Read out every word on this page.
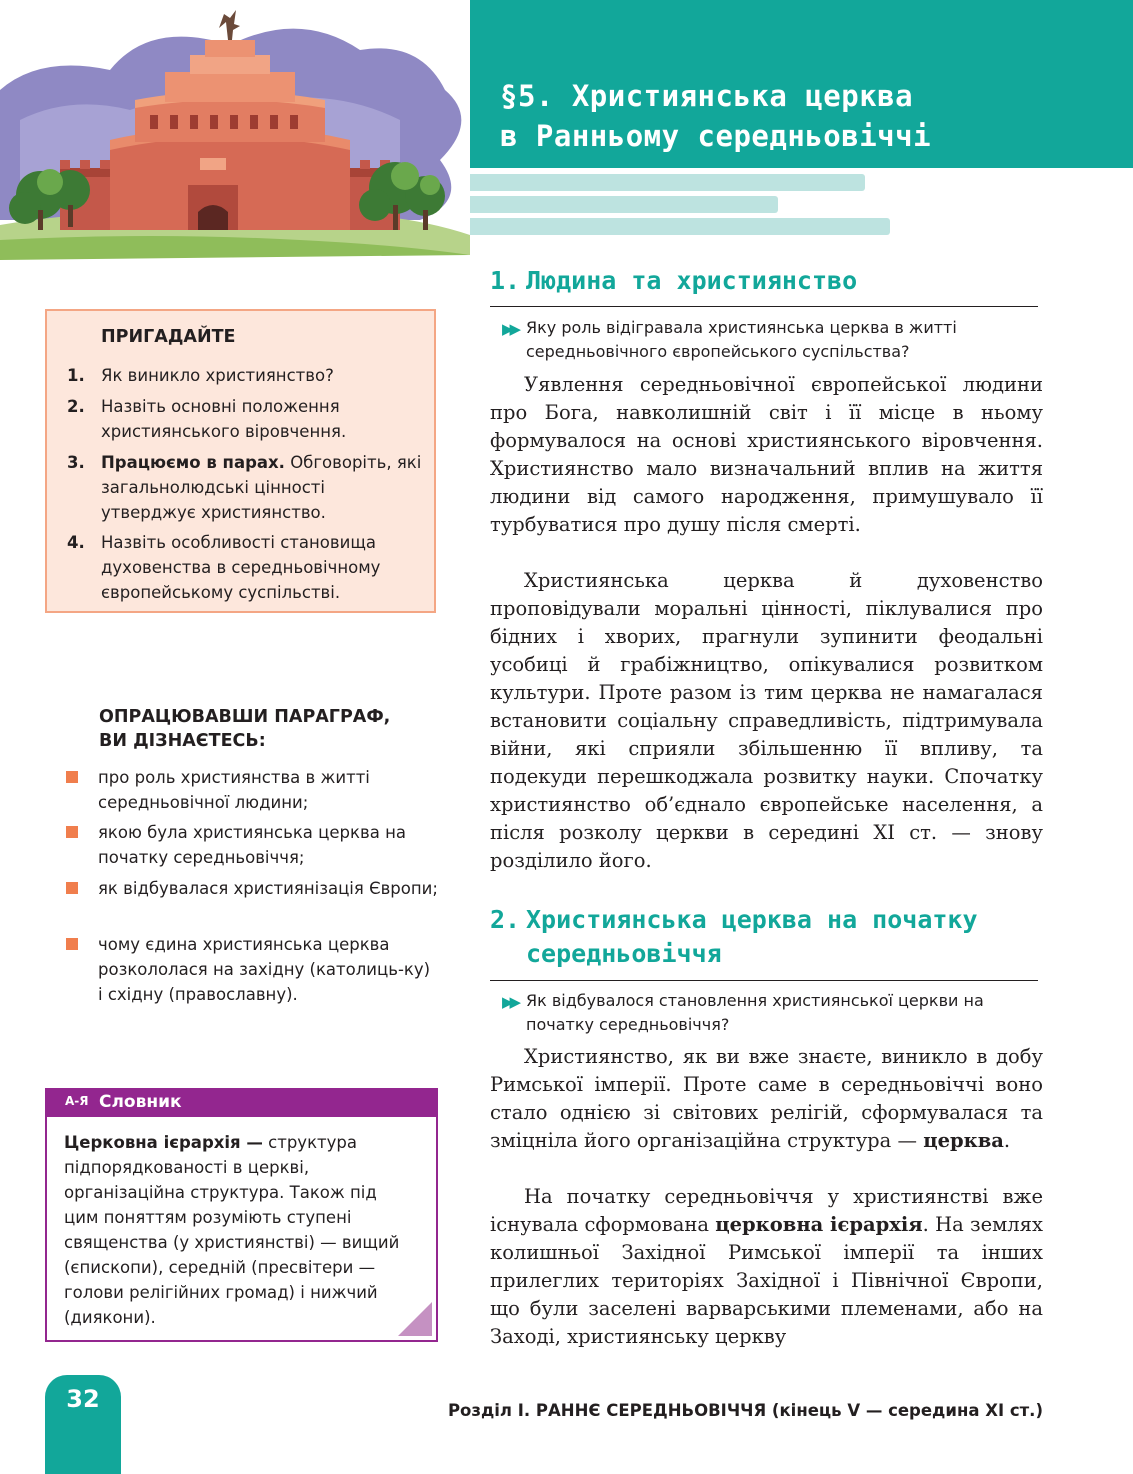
§5. Християнська церква
в Ранньому середньовіччі
ПРИГАДАЙТЕ
1. Як виникло християнство?
2. Назвіть основні положення християнського віровчення.
3. Працюємо в парах. Обговоріть, які загальнолюдські цінності утверджує християнство.
4. Назвіть особливості становища духовенства в середньовічному європейському суспільстві.
ОПРАЦЮВАВШИ ПАРАГРАФ,
ВИ ДІЗНАЄТЕСЬ:
про роль християнства в житті середньовічної людини;
якою була християнська церква на початку середньовіччя;
як відбувалася християнізація Європи;
чому єдина християнська церква розкололася на західну (католиць-ку) і східну (православну).
А-Я Словник

Церковна ієрархія — структура підпорядкованості в церкві, організаційна структура. Також під цим поняттям розуміють ступені священства (у християнстві) — вищий (єпископи), середній (пресвітери — голови релігійних громад) і нижчий (диякони).

1. Людина та християнство
▶▶ Яку роль відігравала християнська церква в житті середньовічного європейського суспільства?

Уявлення середньовічної європейської людини про Бога, навколишній світ і її місце в ньому формувалося на основі християнського віровчення. Християнство мало визначальний вплив на життя людини від самого народження, примушувало її турбуватися про душу після смерті.

Християнська церква й духовенство проповідували моральні цінності, піклувалися про бідних і хворих, прагнули зупинити феодальні усобиці й грабіжництво, опікувалися розвитком культури. Проте разом із тим церква не намагалася встановити соціальну справедливість, підтримувала війни, які сприяли збільшенню її впливу, та подекуди перешкоджала розвитку науки. Спочатку християнство об’єднало європейське населення, а після розколу церкви в середині XI ст. — знову розділило його.

2. Християнська церква на початку
середньовіччя
▶▶ Як відбувалося становлення християнської церкви на початку середньовіччя?

Християнство, як ви вже знаєте, виникло в добу Римської імперії. Проте саме в середньовіччі воно стало однією зі світових релігій, сформувалася та зміцніла його організаційна структура — церква.

На початку середньовіччя у християнстві вже існувала сформована церковна ієрархія. На землях колишньої Західної Римської імперії та інших прилеглих територіях Західної і Північної Європи, що були заселені варварськими племенами, або на Заході, християнську церкву

32	Розділ І. РАННЄ СЕРЕДНЬОВІЧЧЯ (кінець V — середина XI ст.)
